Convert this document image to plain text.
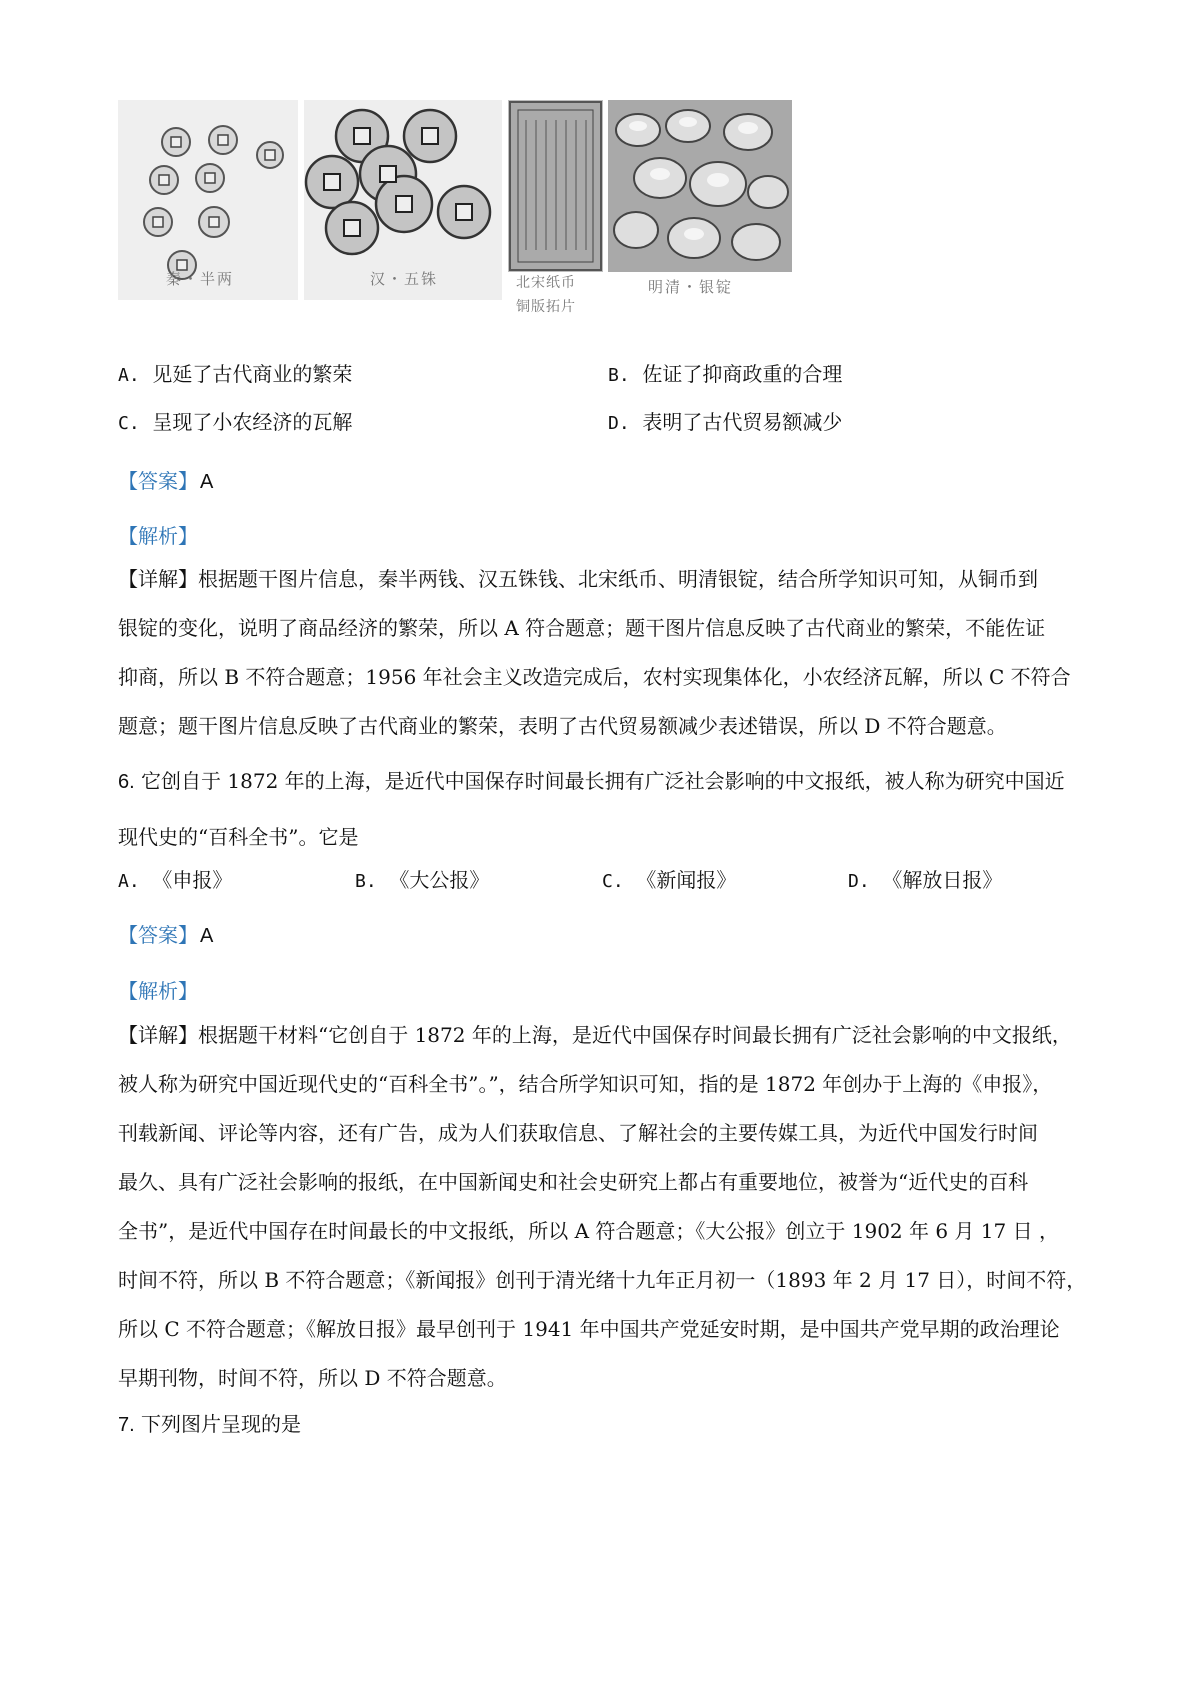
秦・半两	汉・五铢	北宋纸币
铜版拓片
明清・银锭
A. 见延了古代商业的繁荣	B. 佐证了抑商政重的合理
C. 呈现了小农经济的瓦解	D. 表明了古代贸易额减少
【答案】 A
【解析】

【详解】根据题干图片信息，秦半两钱、汉五铢钱、北宋纸币、明清银锭，结合所学知识可知，从铜币到

银锭的变化，说明了商品经济的繁荣，所以 A 符合题意；题干图片信息反映了古代商业的繁荣，不能佐证

抑商，所以 B 不符合题意；1956 年社会主义改造完成后，农村实现集体化，小农经济瓦解，所以 C 不符合

题意；题干图片信息反映了古代商业的繁荣，表明了古代贸易额减少表述错误，所以 D 不符合题意。

6. 它创自于 1872 年的上海，是近代中国保存时间最长拥有广泛社会影响的中文报纸，被人称为研究中国近

现代史的“百科全书”。它是

A. 《申报》	B. 《大公报》	C. 《新闻报》	D. 《解放日报》
【答案】 A
【解析】

【详解】根据题干材料“它创自于 1872 年的上海，是近代中国保存时间最长拥有广泛社会影响的中文报纸，

被人称为研究中国近现代史的“百科全书”。”，结合所学知识可知，指的是 1872 年创办于上海的《申报》，

刊载新闻、评论等内容，还有广告，成为人们获取信息、了解社会的主要传媒工具，为近代中国发行时间

最久、具有广泛社会影响的报纸，在中国新闻史和社会史研究上都占有重要地位，被誉为“近代史的百科

全书”，是近代中国存在时间最长的中文报纸，所以 A 符合题意；《大公报》创立于 1902 年 6 月 17 日 ，

时间不符，所以 B 不符合题意；《新闻报》创刊于清光绪十九年正月初一（1893 年 2 月 17 日），时间不符，

所以 C 不符合题意；《解放日报》最早创刊于 1941 年中国共产党延安时期，是中国共产党早期的政治理论

早期刊物，时间不符，所以 D 不符合题意。

7. 下列图片呈现的是
